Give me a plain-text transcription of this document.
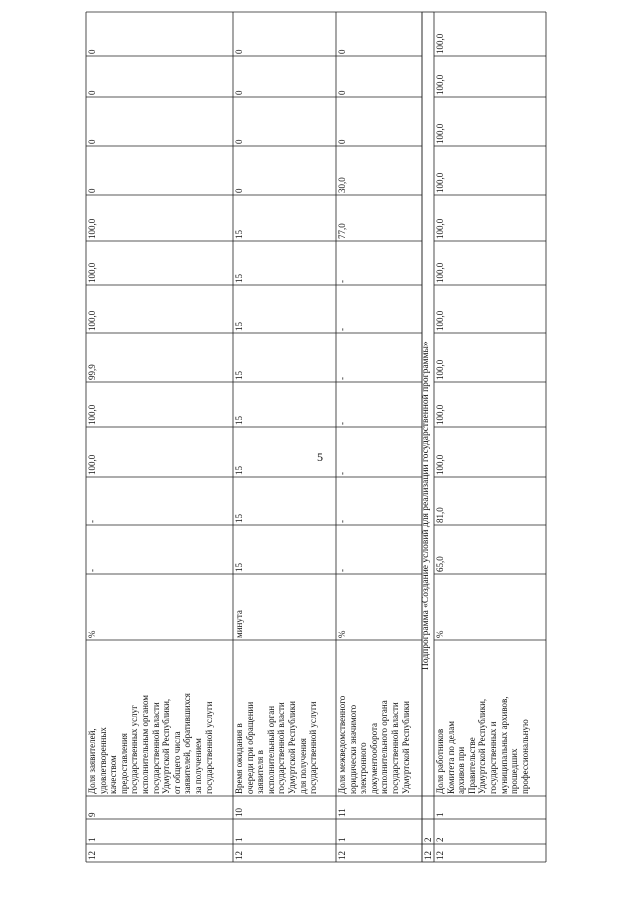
5	Подпрограмма «Создание условий для реализации государственной программы»
12
1
9
Доля заявителей,
удовлетворенных
качеством
предоставления
государственных услуг
исполнительным органом
государственной власти
Удмуртской Республики,
от общего числа
заявителей, обратившихся
за получением
государственной услуги
%
-
-
100,0
100,0
99,9
100,0
100,0
100,0
0
0
0
0
12
1
10
Время ожидания в
очереди при обращении
заявителя в
исполнительный орган
государственной власти
Удмуртской Республики
для получения
государственной услуги
минута
15
15
15
15
15
15
15
15
0
0
0
0
12
1
11
Доля межведомственного
юридически значимого
электронного
документооборота
исполнительного органа
государственной власти
Удмуртской Республики
%
-
-
-
-
-
-
-
77,0
30,0
0
0
0
12
2
12
2
1
Доля работников
Комитета по делам
архивов при
Правительстве
Удмуртской Республики,
государственных и
муниципальных архивов,
прошедших
профессиональную
%
65,0
81,0
100,0
100,0
100,0
100,0
100,0
100,0
100,0
100,0
100,0
100,0
